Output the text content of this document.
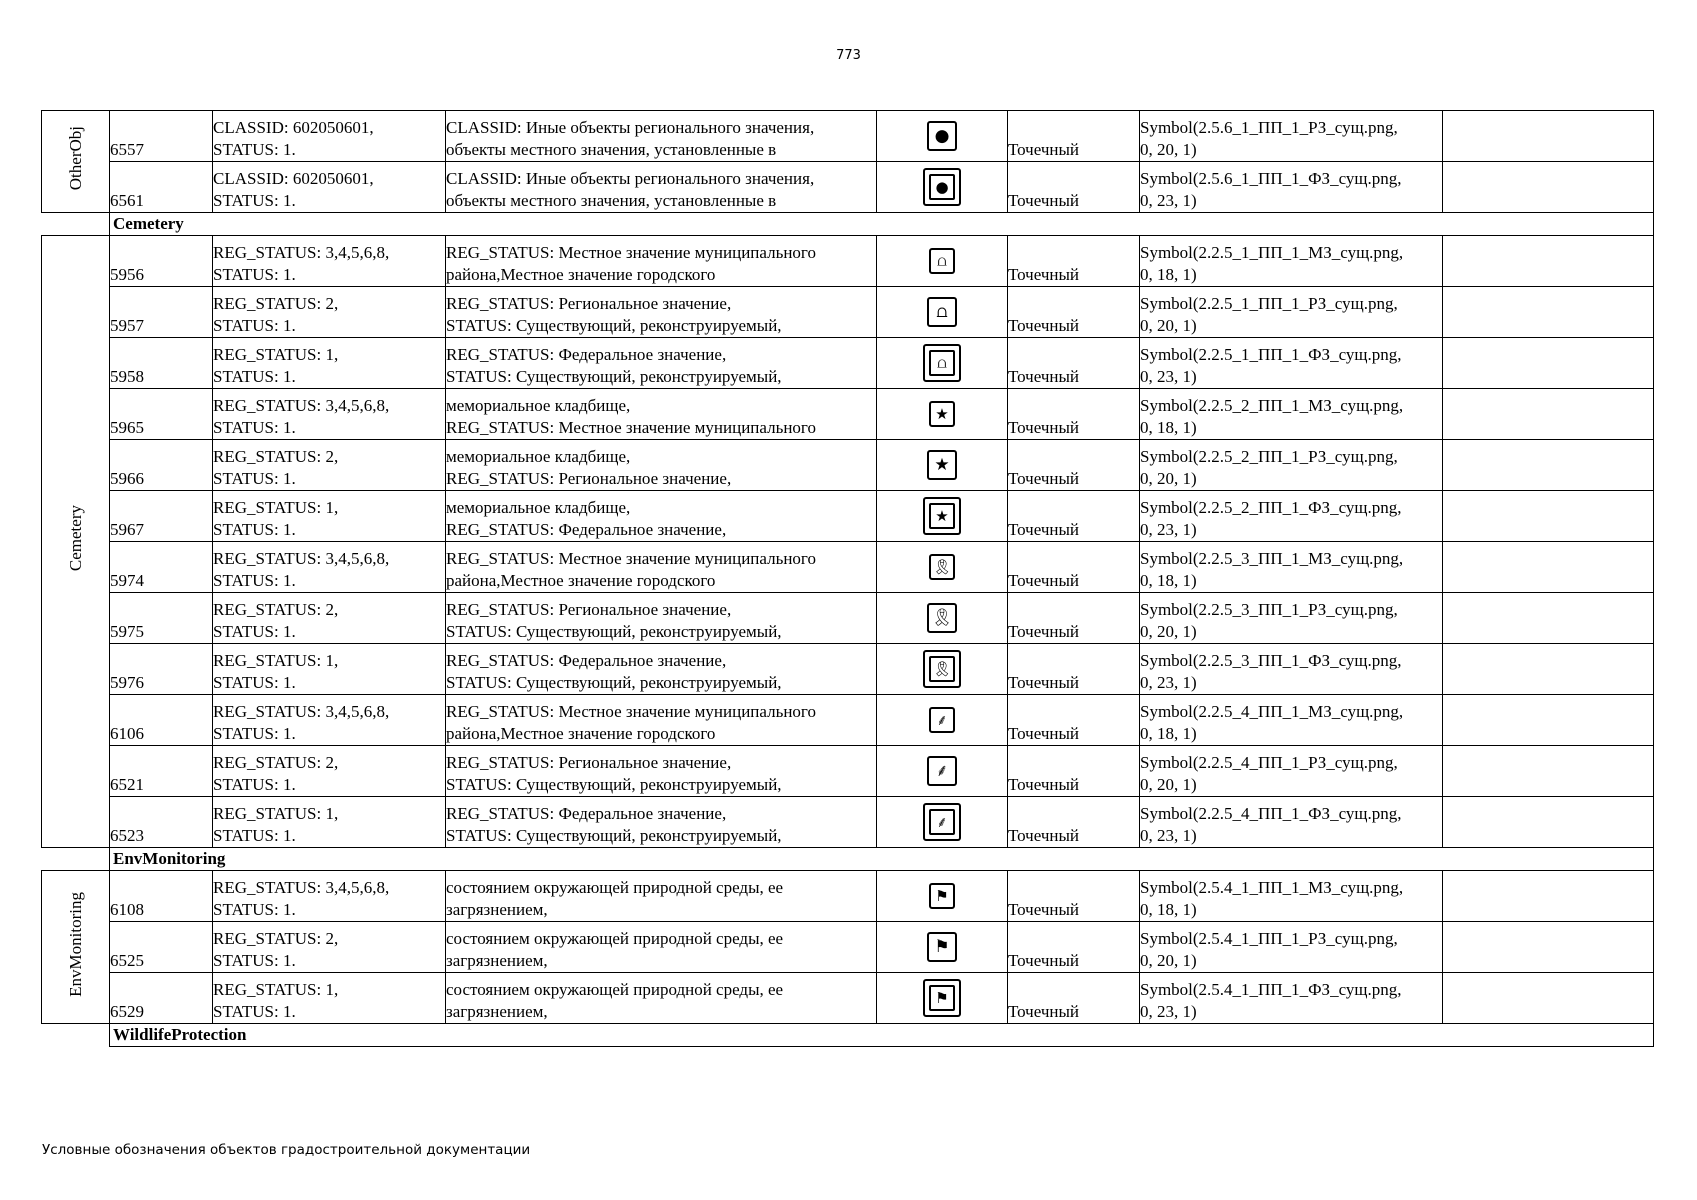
773
OtherObj	6557	CLASSID: 602050601,
STATUS: 1.	CLASSID: Иные объекты регионального значения,
объекты местного значения, установленные в	●	Точечный	Symbol(2.5.6_1_ПП_1_РЗ_сущ.png,
0, 20, 1)	

	6561	CLASSID: 602050601,
STATUS: 1.	CLASSID: Иные объекты регионального значения,
объекты местного значения, установленные в	●	Точечный	Symbol(2.5.6_1_ПП_1_ФЗ_сущ.png,
0, 23, 1)	

	Cemetery						
Cemetery	5956	REG_STATUS: 3,4,5,6,8,
STATUS: 1.	REG_STATUS: Местное значение муниципального
района,Местное значение городского	⩍	Точечный	Symbol(2.2.5_1_ПП_1_МЗ_сущ.png,
0, 18, 1)	

	5957	REG_STATUS: 2,
STATUS: 1.	REG_STATUS: Региональное значение,
STATUS: Существующий, реконструируемый,	⩍	Точечный	Symbol(2.2.5_1_ПП_1_РЗ_сущ.png,
0, 20, 1)	

	5958	REG_STATUS: 1,
STATUS: 1.	REG_STATUS: Федеральное значение,
STATUS: Существующий, реконструируемый,	⩍	Точечный	Symbol(2.2.5_1_ПП_1_ФЗ_сущ.png,
0, 23, 1)	

	5965	REG_STATUS: 3,4,5,6,8,
STATUS: 1.	мемориальное кладбище,
REG_STATUS: Местное значение муниципального	★	Точечный	Symbol(2.2.5_2_ПП_1_МЗ_сущ.png,
0, 18, 1)	

	5966	REG_STATUS: 2,
STATUS: 1.	мемориальное кладбище,
REG_STATUS: Региональное значение,	★	Точечный	Symbol(2.2.5_2_ПП_1_РЗ_сущ.png,
0, 20, 1)	

	5967	REG_STATUS: 1,
STATUS: 1.	мемориальное кладбище,
REG_STATUS: Федеральное значение,	★	Точечный	Symbol(2.2.5_2_ПП_1_ФЗ_сущ.png,
0, 23, 1)	

	5974	REG_STATUS: 3,4,5,6,8,
STATUS: 1.	REG_STATUS: Местное значение муниципального
района,Местное значение городского	🎗	Точечный	Symbol(2.2.5_3_ПП_1_МЗ_сущ.png,
0, 18, 1)	

	5975	REG_STATUS: 2,
STATUS: 1.	REG_STATUS: Региональное значение,
STATUS: Существующий, реконструируемый,	🎗	Точечный	Symbol(2.2.5_3_ПП_1_РЗ_сущ.png,
0, 20, 1)	

	5976	REG_STATUS: 1,
STATUS: 1.	REG_STATUS: Федеральное значение,
STATUS: Существующий, реконструируемый,	🎗	Точечный	Symbol(2.2.5_3_ПП_1_ФЗ_сущ.png,
0, 23, 1)	

	6106	REG_STATUS: 3,4,5,6,8,
STATUS: 1.	REG_STATUS: Местное значение муниципального
района,Местное значение городского	⸙	Точечный	Symbol(2.2.5_4_ПП_1_МЗ_сущ.png,
0, 18, 1)	

	6521	REG_STATUS: 2,
STATUS: 1.	REG_STATUS: Региональное значение,
STATUS: Существующий, реконструируемый,	⸙	Точечный	Symbol(2.2.5_4_ПП_1_РЗ_сущ.png,
0, 20, 1)	

	6523	REG_STATUS: 1,
STATUS: 1.	REG_STATUS: Федеральное значение,
STATUS: Существующий, реконструируемый,	⸙	Точечный	Symbol(2.2.5_4_ПП_1_ФЗ_сущ.png,
0, 23, 1)	

	EnvMonitoring						
EnvMonitoring	6108	REG_STATUS: 3,4,5,6,8,
STATUS: 1.	состоянием окружающей природной среды, ее
загрязнением,	⚑	Точечный	Symbol(2.5.4_1_ПП_1_МЗ_сущ.png,
0, 18, 1)	

	6525	REG_STATUS: 2,
STATUS: 1.	состоянием окружающей природной среды, ее
загрязнением,	⚑	Точечный	Symbol(2.5.4_1_ПП_1_РЗ_сущ.png,
0, 20, 1)	

	6529	REG_STATUS: 1,
STATUS: 1.	состоянием окружающей природной среды, ее
загрязнением,	⚑	Точечный	Symbol(2.5.4_1_ПП_1_ФЗ_сущ.png,
0, 23, 1)	

	WildlifeProtection						
Условные обозначения объектов градостроительной документации
